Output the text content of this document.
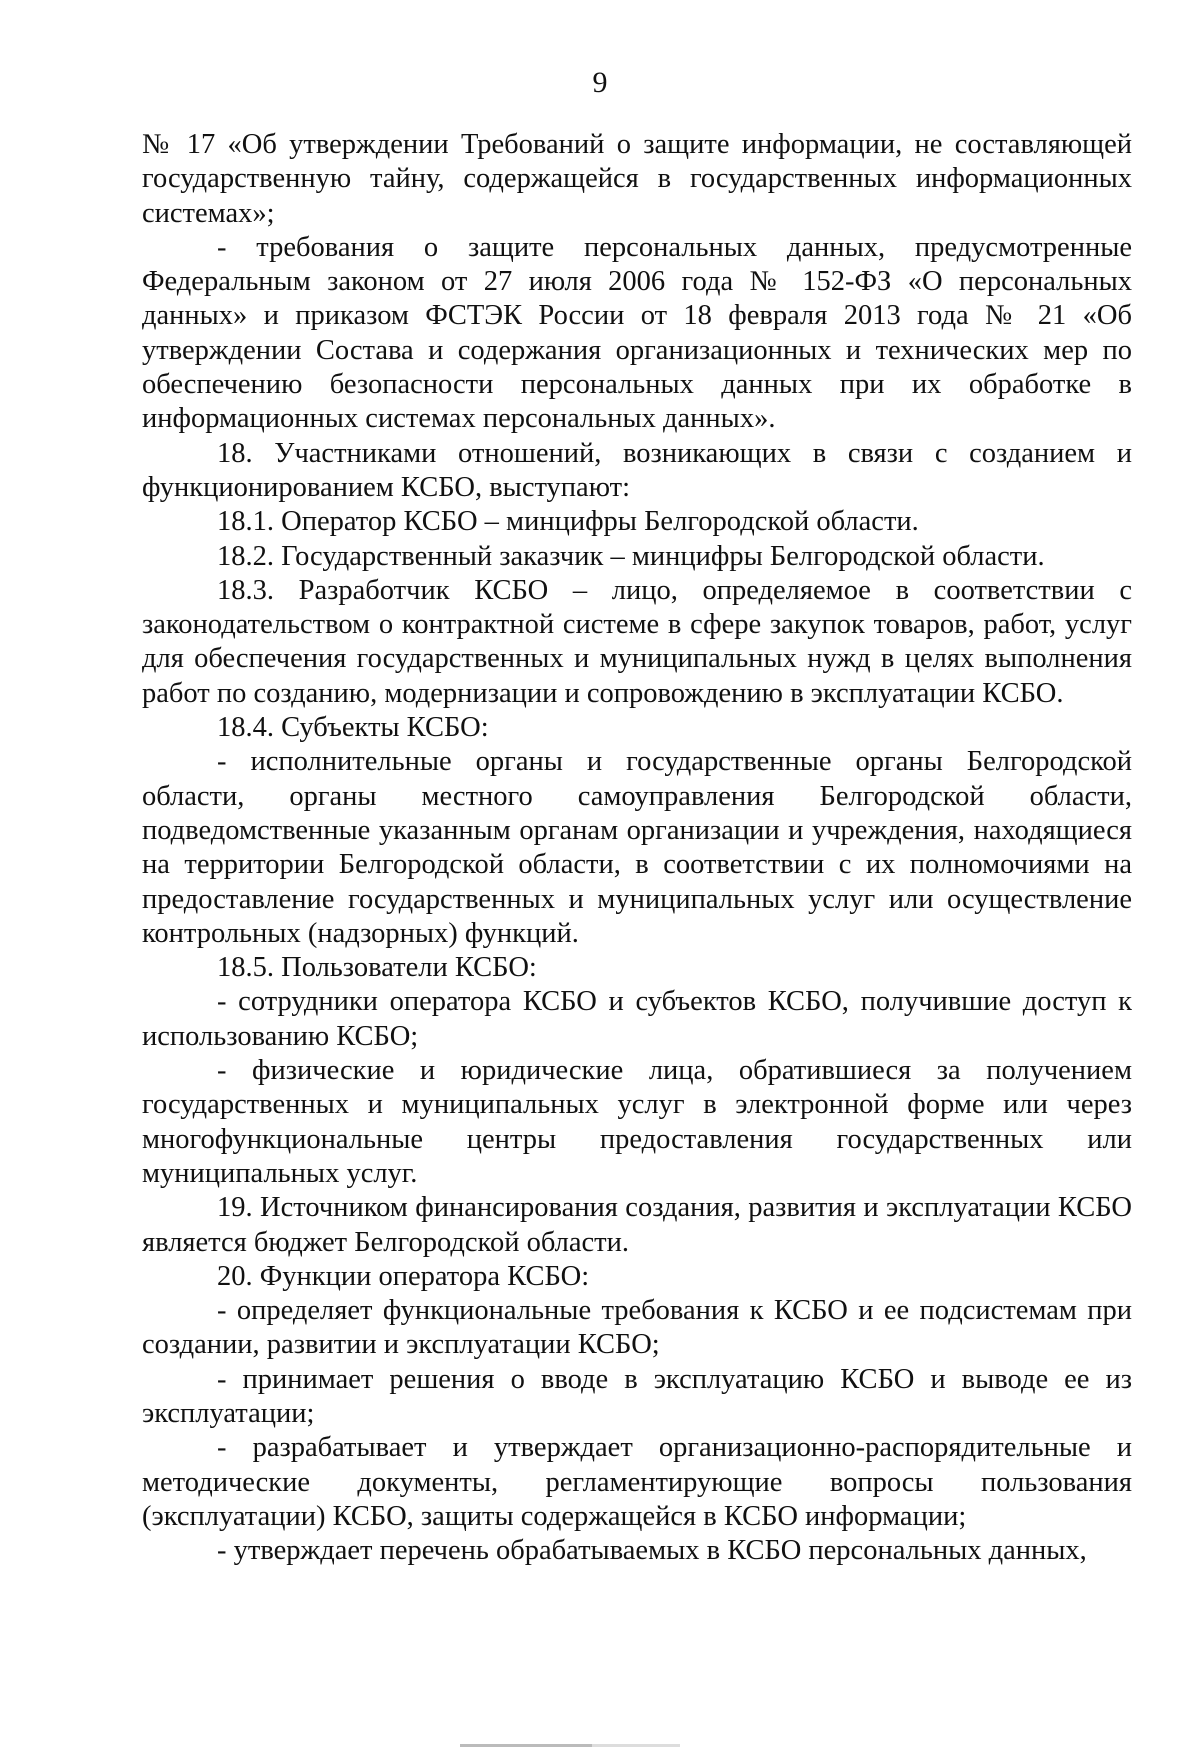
9

№ 17 «Об утверждении Требований о защите информации, не составляющей государственную тайну, содержащейся в государственных информационных системах»;

- требования о защите персональных данных, предусмотренные Федеральным законом от 27 июля 2006 года № 152-ФЗ «О персональных данных» и приказом ФСТЭК России от 18 февраля 2013 года № 21 «Об утверждении Состава и содержания организационных и технических мер по обеспечению безопасности персональных данных при их обработке в информационных системах персональных данных».

18. Участниками отношений, возникающих в связи с созданием и функционированием КСБО, выступают:

18.1. Оператор КСБО – минцифры Белгородской области.

18.2. Государственный заказчик – минцифры Белгородской области.

18.3. Разработчик КСБО – лицо, определяемое в соответствии с законодательством о контрактной системе в сфере закупок товаров, работ, услуг для обеспечения государственных и муниципальных нужд в целях выполнения работ по созданию, модернизации и сопровождению в эксплуатации КСБО.

18.4. Субъекты КСБО:

- исполнительные органы и государственные органы Белгородской области, органы местного самоуправления Белгородской области, подведомственные указанным органам организации и учреждения, находящиеся на территории Белгородской области, в соответствии с их полномочиями на предоставление государственных и муниципальных услуг или осуществление контрольных (надзорных) функций.

18.5. Пользователи КСБО:

- сотрудники оператора КСБО и субъектов КСБО, получившие доступ к использованию КСБО;

- физические и юридические лица, обратившиеся за получением государственных и муниципальных услуг в электронной форме или через многофункциональные центры предоставления государственных или муниципальных услуг.

19. Источником финансирования создания, развития и эксплуатации КСБО является бюджет Белгородской области.

20. Функции оператора КСБО:

- определяет функциональные требования к КСБО и ее подсистемам при создании, развитии и эксплуатации КСБО;

- принимает решения о вводе в эксплуатацию КСБО и выводе ее из эксплуатации;

- разрабатывает и утверждает организационно-распорядительные и методические документы, регламентирующие вопросы пользования (эксплуатации) КСБО, защиты содержащейся в КСБО информации;

- утверждает перечень обрабатываемых в КСБО персональных данных,
